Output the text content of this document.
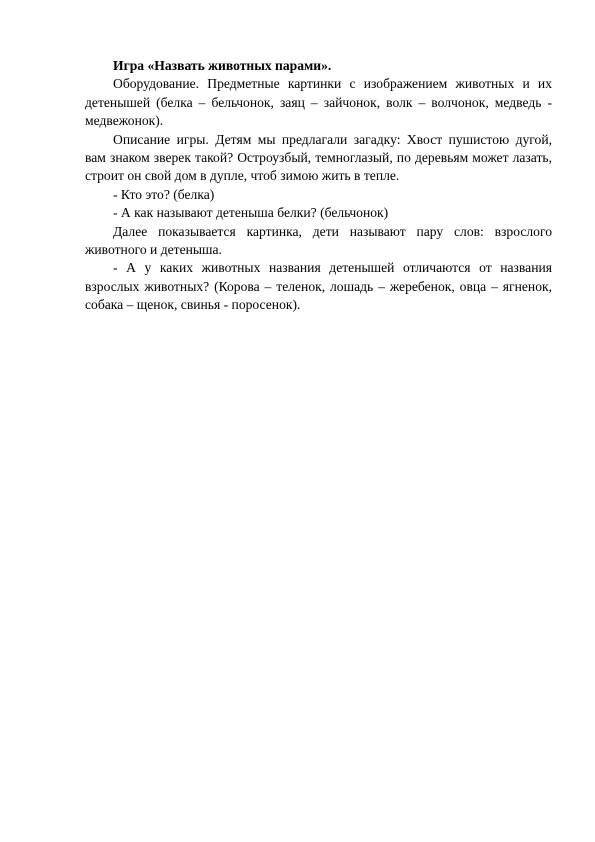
Игра «Назвать животных парами».

Оборудование. Предметные картинки с изображением животных и их детенышей (белка – бельчонок, заяц – зайчонок, волк – волчонок, медведь - медвежонок).

Описание игры. Детям мы предлагали загадку: Хвост пушистою дугой, вам знаком зверек такой? Остроузбый, темноглазый, по деревьям может лазать, строит он свой дом в дупле, чтоб зимою жить в тепле.

- Кто это? (белка)

- А как называют детеныша белки? (бельчонок)

Далее показывается картинка, дети называют пару слов: взрослого животного и детеныша.

- А у каких животных названия детенышей отличаются от названия взрослых животных? (Корова – теленок, лошадь – жеребенок, овца – ягненок, собака – щенок, свинья - поросенок).
